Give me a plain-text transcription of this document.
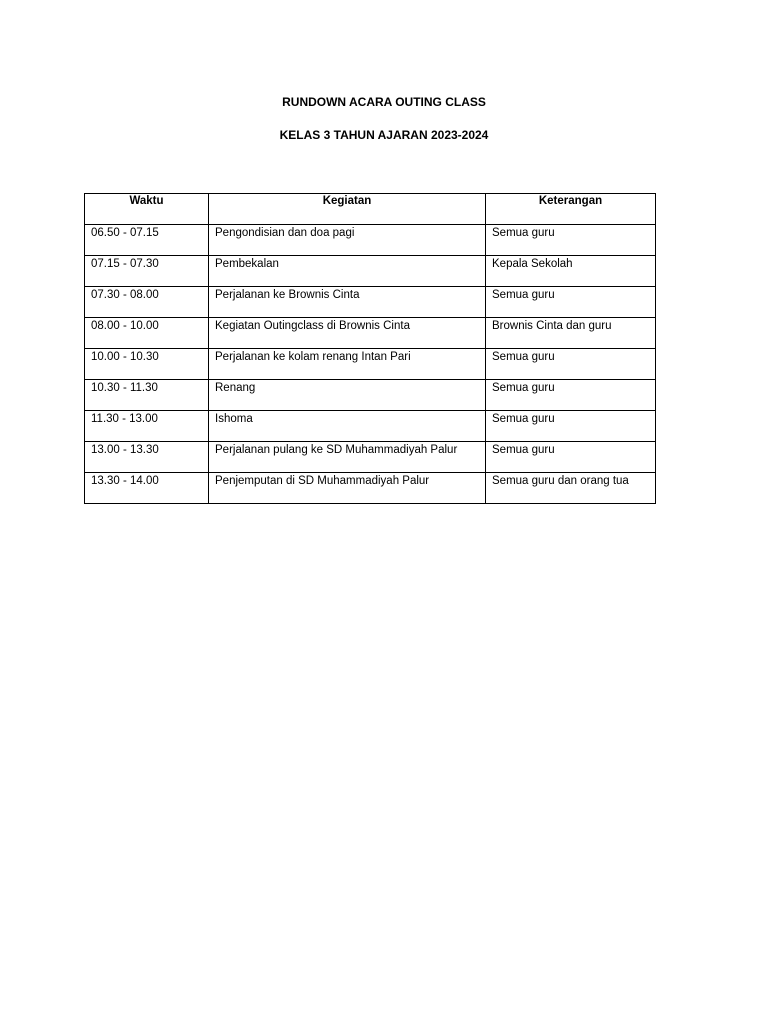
RUNDOWN ACARA OUTING CLASS
KELAS 3 TAHUN AJARAN 2023-2024
Waktu	Kegiatan	Keterangan
06.50 - 07.15	Pengondisian dan doa pagi	Semua guru
07.15 - 07.30	Pembekalan	Kepala Sekolah
07.30 - 08.00	Perjalanan ke Brownis Cinta	Semua guru
08.00 - 10.00	Kegiatan Outingclass di Brownis Cinta	Brownis Cinta dan guru
10.00 - 10.30	Perjalanan ke kolam renang Intan Pari	Semua guru
10.30 - 11.30	Renang	Semua guru
11.30 - 13.00	Ishoma	Semua guru
13.00 - 13.30	Perjalanan pulang ke SD Muhammadiyah Palur	Semua guru
13.30 - 14.00	Penjemputan di SD Muhammadiyah Palur	Semua guru dan orang tua
